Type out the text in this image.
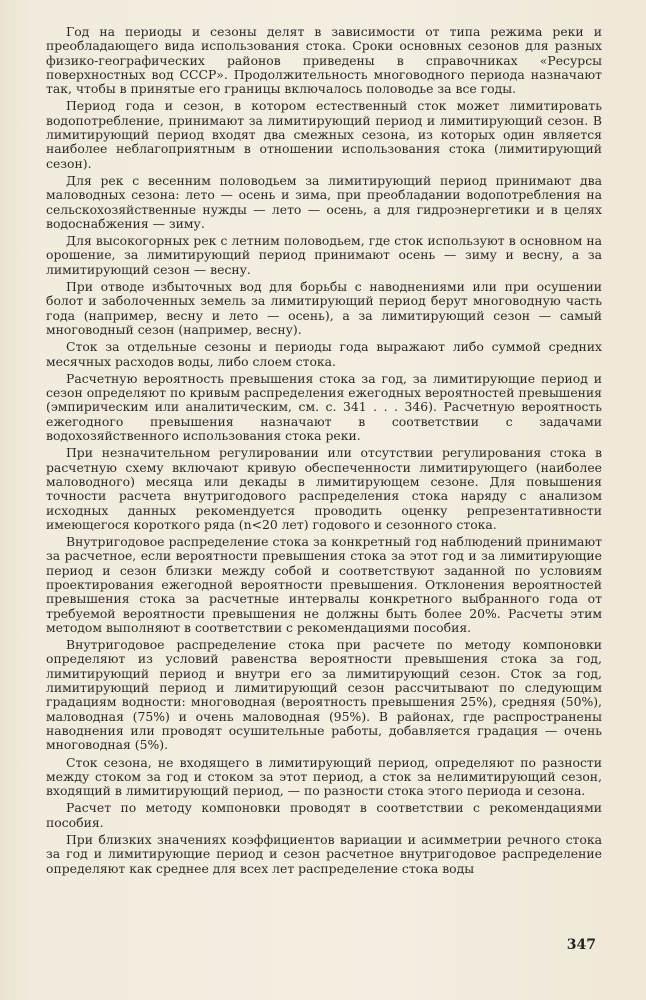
Год на периоды и сезоны делят в зависимости от типа режима реки и преобладающего вида использования стока. Сроки основных сезонов для разных физико-географических районов приведены в справочниках «Ресурсы поверхностных вод СССР». Продолжительность многоводного периода назначают так, чтобы в принятые его границы включалось половодье за все годы.

Период года и сезон, в котором естественный сток может лимитировать водопотребление, принимают за лимитирующий период и лимитирующий сезон. В лимитирующий период входят два смежных сезона, из которых один является наиболее неблагоприятным в отношении использования стока (лимитирующий сезон).

Для рек с весенним половодьем за лимитирующий период принимают два маловодных сезона: лето — осень и зима, при преобладании водопотребления на сельскохозяйственные нужды — лето — осень, а для гидроэнергетики и в целях водоснабжения — зиму.

Для высокогорных рек с летним половодьем, где сток используют в основном на орошение, за лимитирующий период принимают осень — зиму и весну, а за лимитирующий сезон — весну.

При отводе избыточных вод для борьбы с наводнениями или при осушении болот и заболоченных земель за лимитирующий период берут многоводную часть года (например, весну и лето — осень), а за лимитирующий сезон — самый многоводный сезон (например, весну).

Сток за отдельные сезоны и периоды года выражают либо суммой средних месячных расходов воды, либо слоем стока.

Расчетную вероятность превышения стока за год, за лимитирующие период и сезон определяют по кривым распределения ежегодных вероятностей превышения (эмпирическим или аналитическим, см. с. 341 . . . 346). Расчетную вероятность ежегодного превышения назначают в соответствии с задачами водохозяйственного использования стока реки.

При незначительном регулировании или отсутствии регулирования стока в расчетную схему включают кривую обеспеченности лимитирующего (наиболее маловодного) месяца или декады в лимитирующем сезоне. Для повышения точности расчета внутригодового распределения стока наряду с анализом исходных данных рекомендуется проводить оценку репрезентативности имеющегося короткого ряда (n<20 лет) годового и сезонного стока.

Внутригодовое распределение стока за конкретный год наблюдений принимают за расчетное, если вероятности превышения стока за этот год и за лимитирующие период и сезон близки между собой и соответствуют заданной по условиям проектирования ежегодной вероятности превышения. Отклонения вероятностей превышения стока за расчетные интервалы конкретного выбранного года от требуемой вероятности превышения не должны быть более 20%. Расчеты этим методом выполняют в соответствии с рекомендациями пособия.

Внутригодовое распределение стока при расчете по методу компоновки определяют из условий равенства вероятности превышения стока за год, лимитирующий период и внутри его за лимитирующий сезон. Сток за год, лимитирующий период и лимитирующий сезон рассчитывают по следующим градациям водности: многоводная (вероятность превышения 25%), средняя (50%), маловодная (75%) и очень маловодная (95%). В районах, где распространены наводнения или проводят осушительные работы, добавляется градация — очень многоводная (5%).

Сток сезона, не входящего в лимитирующий период, определяют по разности между стоком за год и стоком за этот период, а сток за нелимитирующий сезон, входящий в лимитирующий период, — по разности стока этого периода и сезона.

Расчет по методу компоновки проводят в соответствии с рекомендациями пособия.

При близких значениях коэффициентов вариации и асимметрии речного стока за год и лимитирующие период и сезон расчетное внутригодовое распределение определяют как среднее для всех лет распределение стока воды

347
